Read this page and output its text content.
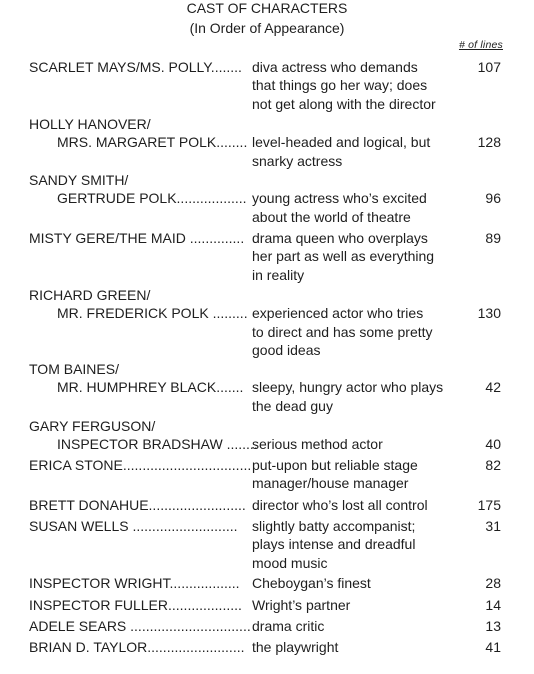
CAST OF CHARACTERS
(In Order of Appearance)
# of lines
SCARLET MAYS/MS. POLLY........ diva actress who demands
that things go her way; does
not get along with the director
107
HOLLY HANOVER/
MRS. MARGARET POLK........ level-headed and logical, but
snarky actress
128
SANDY SMITH/
GERTRUDE POLK.................. young actress who’s excited
about the world of theatre
96
MISTY GERE/THE MAID .............. drama queen who overplays
her part as well as everything
in reality
89
RICHARD GREEN/
MR. FREDERICK POLK ......... experienced actor who tries
to direct and has some pretty
good ideas
130
TOM BAINES/
MR. HUMPHREY BLACK....... sleepy, hungry actor who plays
the dead guy
42
GARY FERGUSON/
INSPECTOR BRADSHAW ........
serious method actor	40
ERICA STONE................................. put-upon but reliable stage
manager/house manager
82
BRETT DONAHUE......................... director who’s lost all control	175
SUSAN WELLS ........................... slightly batty accompanist;
plays intense and dreadful
mood music
31
INSPECTOR WRIGHT.................. Cheboygan’s finest	28
INSPECTOR FULLER................... Wright’s partner	14
ADELE SEARS ............................... drama critic	13
BRIAN D. TAYLOR......................... the playwright	41
